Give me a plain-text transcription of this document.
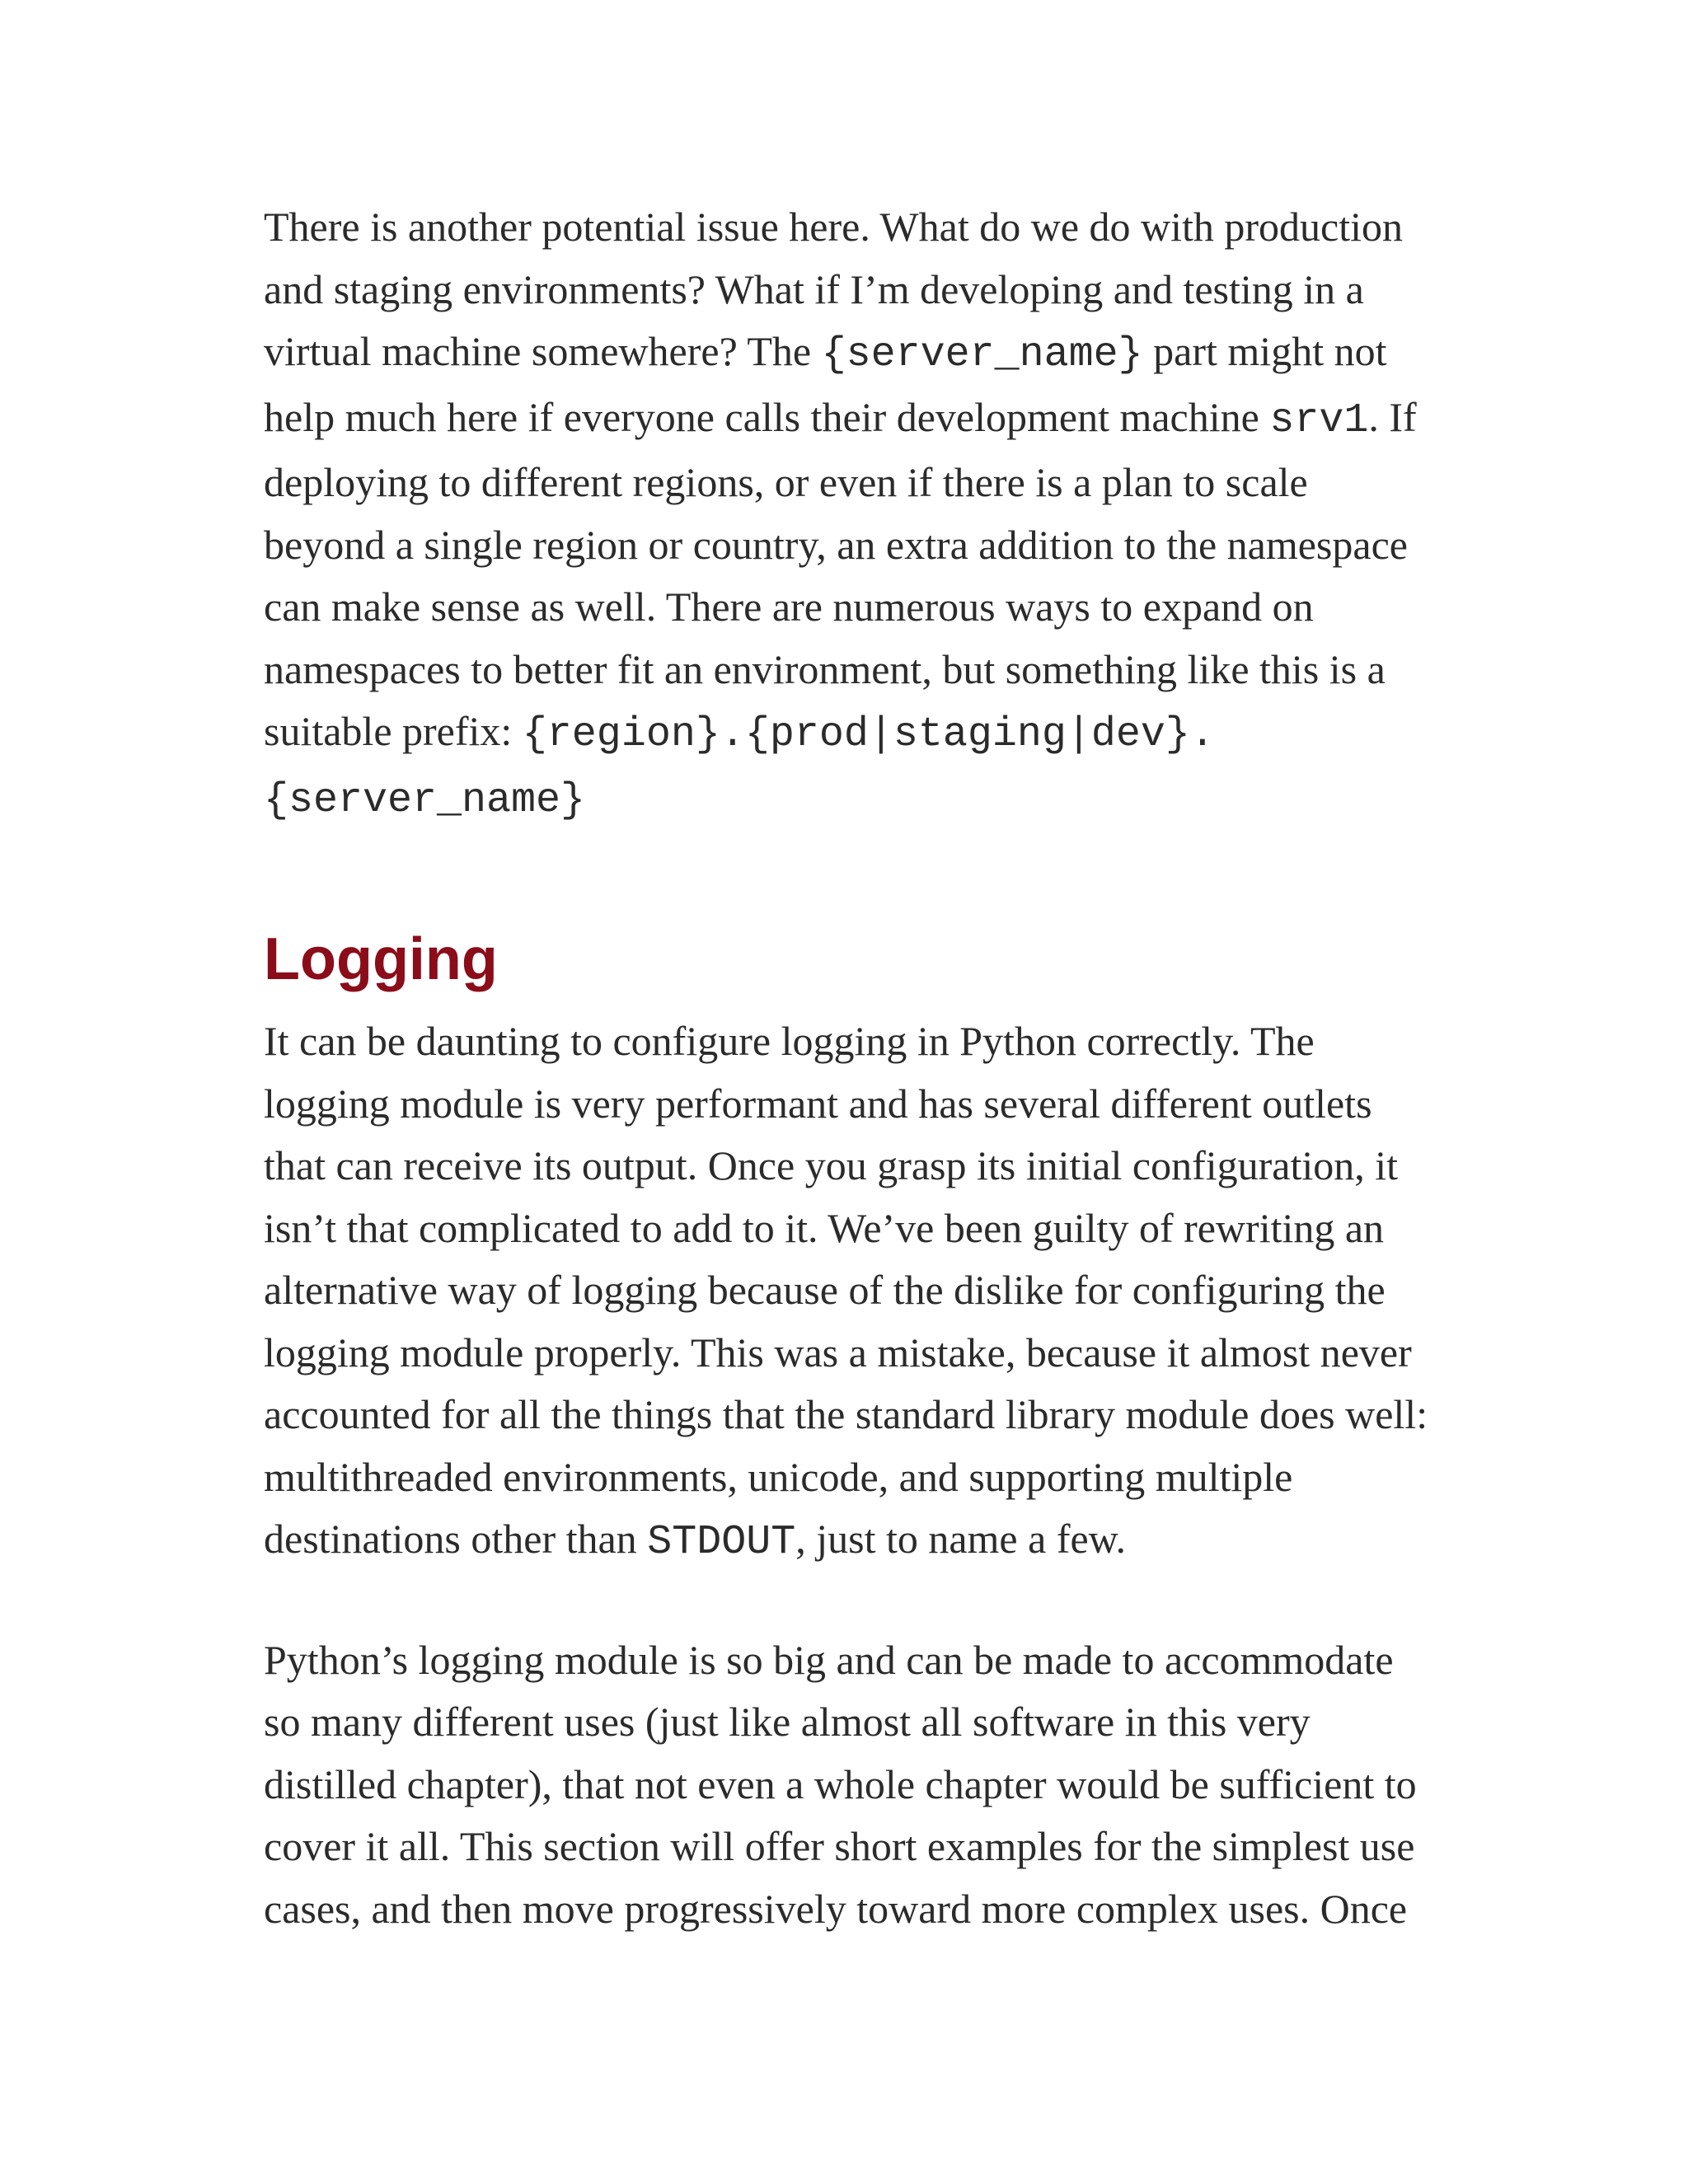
There is another potential issue here. What do we do with production and staging environments? What if I’m developing and testing in a virtual machine somewhere? The {server_name} part might not help much here if everyone calls their development machine srv1. If deploying to different regions, or even if there is a plan to scale beyond a single region or country, an extra addition to the namespace can make sense as well. There are numerous ways to expand on namespaces to better fit an environment, but something like this is a suitable prefix: {region}.{prod|staging|dev}.{server_name}

Logging

It can be daunting to configure logging in Python correctly. The logging module is very performant and has several different outlets that can receive its output. Once you grasp its initial configuration, it isn’t that complicated to add to it. We’ve been guilty of rewriting an alternative way of logging because of the dislike for configuring the logging module properly. This was a mistake, because it almost never accounted for all the things that the standard library module does well: multithreaded environments, unicode, and supporting multiple destinations other than STDOUT, just to name a few.

Python’s logging module is so big and can be made to accommodate so many different uses (just like almost all software in this very distilled chapter), that not even a whole chapter would be sufficient to cover it all. This section will offer short examples for the simplest use cases, and then move progressively toward more complex uses. Once
